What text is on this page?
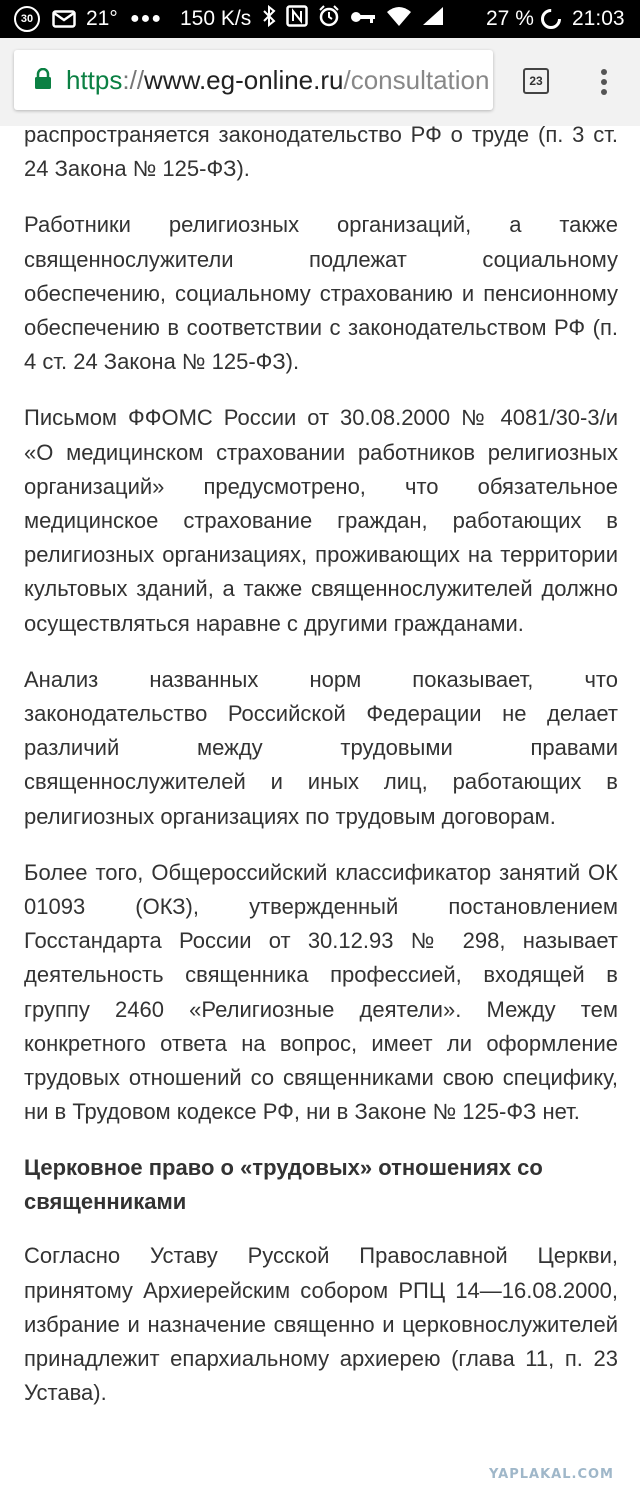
30	21° ●●● 150 K/s	27 % 21:03
https://www.eg-online.ru/consultation	23

распространяется законодательство РФ о труде (п. 3 ст. 24 Закона № 125-ФЗ).

Работники религиозных организаций, а также священнослужители подлежат социальному обеспечению, социальному страхованию и пенсионному обеспечению в соответствии с законодательством РФ (п. 4 ст. 24 Закона № 125-ФЗ).

Письмом ФФОМС России от 30.08.2000 № 4081/30-3/и «О медицинском страховании работников религиозных организаций» предусмотрено, что обязательное медицинское страхование граждан, работающих в религиозных организациях, проживающих на территории культовых зданий, а также священнослужителей должно осуществляться наравне с другими гражданами.

Анализ названных норм показывает, что законодательство Российской Федерации не делает различий между трудовыми правами священнослужителей и иных лиц, работающих в религиозных организациях по трудовым договорам.

Более того, Общероссийский классификатор занятий ОК 01093 (ОКЗ), утвержденный постановлением Госстандарта России от 30.12.93 № 298, называет деятельность священника профессией, входящей в группу 2460 «Религиозные деятели». Между тем конкретного ответа на вопрос, имеет ли оформление трудовых отношений со священниками свою специфику, ни в Трудовом кодексе РФ, ни в Законе № 125-ФЗ нет.

Церковное право о «трудовых» отношениях со священниками

Согласно Уставу Русской Православной Церкви, принятому Архиерейским собором РПЦ 14—16.08.2000, избрание и назначение священно и церковнослужителей принадлежит епархиальному архиерею (глава 11, п. 23 Устава).

YAPLAKAL.COM
